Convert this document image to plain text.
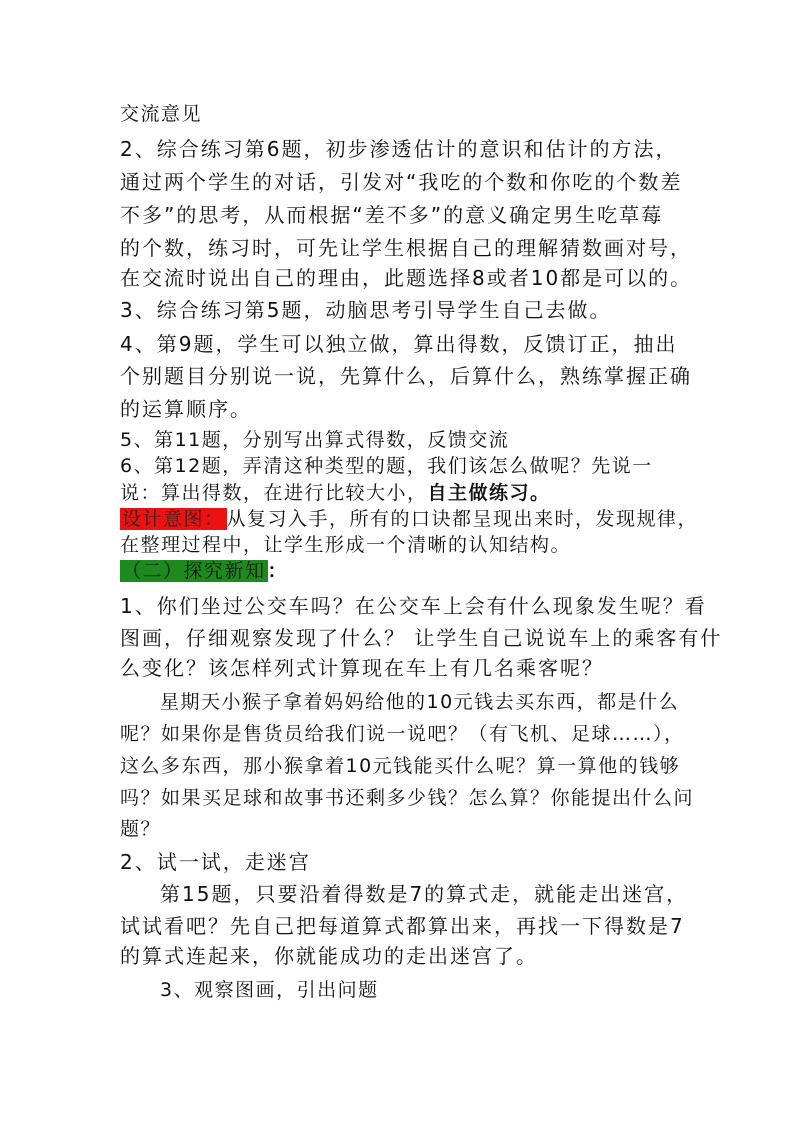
交流意见
2、综合练习第6题，初步渗透估计的意识和估计的方法，
通过两个学生的对话，引发对“我吃的个数和你吃的个数差
不多”的思考，从而根据“差不多”的意义确定男生吃草莓
的个数，练习时，可先让学生根据自己的理解猜数画对号，
在交流时说出自己的理由，此题选择8或者10都是可以的。
3、综合练习第5题，动脑思考引导学生自己去做。
4、第9题，学生可以独立做，算出得数，反馈订正，抽出
个别题目分别说一说，先算什么，后算什么，熟练掌握正确
的运算顺序。
5、第11题，分别写出算式得数，反馈交流
6、第12题，弄清这种类型的题，我们该怎么做呢？先说一
说：算出得数，在进行比较大小，自主做练习。
设计意图： 从复习入手，所有的口诀都呈现出来时，发现规律，
在整理过程中，让学生形成一个清晰的认知结构。
（二）探究新知 ：
1、你们坐过公交车吗？在公交车上会有什么现象发生呢？看
图画，仔细观察发现了什么？ 让学生自己说说车上的乘客有什
么变化？该怎样列式计算现在车上有几名乘客呢？
星期天小猴子拿着妈妈给他的10元钱去买东西，都是什么
呢？如果你是售货员给我们说一说吧？（有飞机、足球……），
这么多东西，那小猴拿着10元钱能买什么呢？算一算他的钱够
吗？如果买足球和故事书还剩多少钱？怎么算？你能提出什么问
题？
2、试一试，走迷宫
第15题，只要沿着得数是7的算式走，就能走出迷宫，
试试看吧？先自己把每道算式都算出来，再找一下得数是7
的算式连起来，你就能成功的走出迷宫了。
3、观察图画，引出问题
